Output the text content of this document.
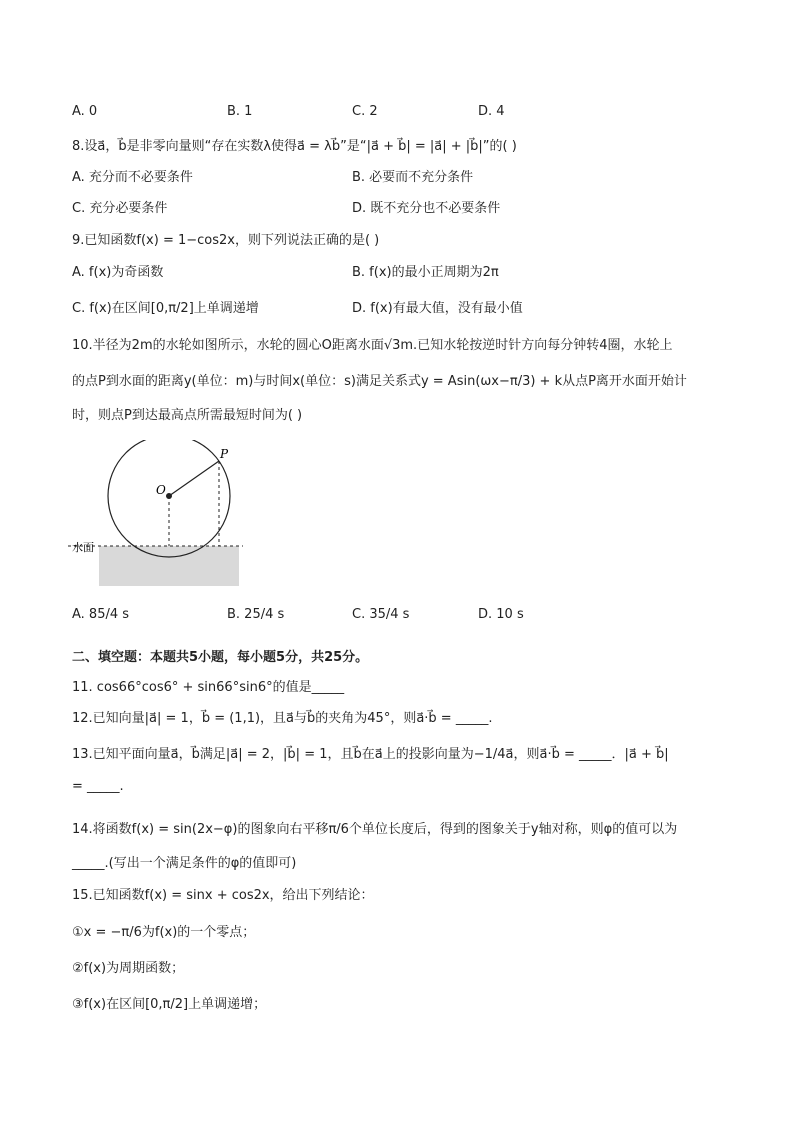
A. 0	B. 1	C. 2	D. 4
8.设a⃗，b⃗是非零向量则“存在实数λ使得a⃗ = λb⃗”是“|a⃗ + b⃗| = |a⃗| + |b⃗|”的( )
A. 充分而不必要条件	B. 必要而不充分条件
C. 充分必要条件	D. 既不充分也不必要条件
9.已知函数f(x) = 1−cos2x，则下列说法正确的是( )
A. f(x)为奇函数	B. f(x)的最小正周期为2π
C. f(x)在区间[0,π/2]上单调递增	D. f(x)有最大值，没有最小值
10.半径为2m的水轮如图所示，水轮的圆心O距离水面√3m.已知水轮按逆时针方向每分钟转4圈，水轮上
的点P到水面的距离y(单位：m)与时间x(单位：s)满足关系式y = Asin(ωx−π/3) + k从点P离开水面开始计
时，则点P到达最高点所需最短时间为( )
O
P
水面
A. 85/4 s	B. 25/4 s	C. 35/4 s	D. 10 s
二、填空题：本题共5小题，每小题5分，共25分。
11. cos66°cos6° + sin66°sin6°的值是_____
12.已知向量|a⃗| = 1，b⃗ = (1,1)，且a⃗与b⃗的夹角为45°，则a⃗·b⃗ = _____.
13.已知平面向量a⃗，b⃗满足|a⃗| = 2，|b⃗| = 1，且b⃗在a⃗上的投影向量为−1/4a⃗，则a⃗·b⃗ = _____．|a⃗ + b⃗|
= _____.
14.将函数f(x) = sin(2x−φ)的图象向右平移π/6个单位长度后，得到的图象关于y轴对称，则φ的值可以为
_____.(写出一个满足条件的φ的值即可)
15.已知函数f(x) = sinx + cos2x，给出下列结论：
①x = −π/6为f(x)的一个零点；
②f(x)为周期函数；
③f(x)在区间[0,π/2]上单调递增；
